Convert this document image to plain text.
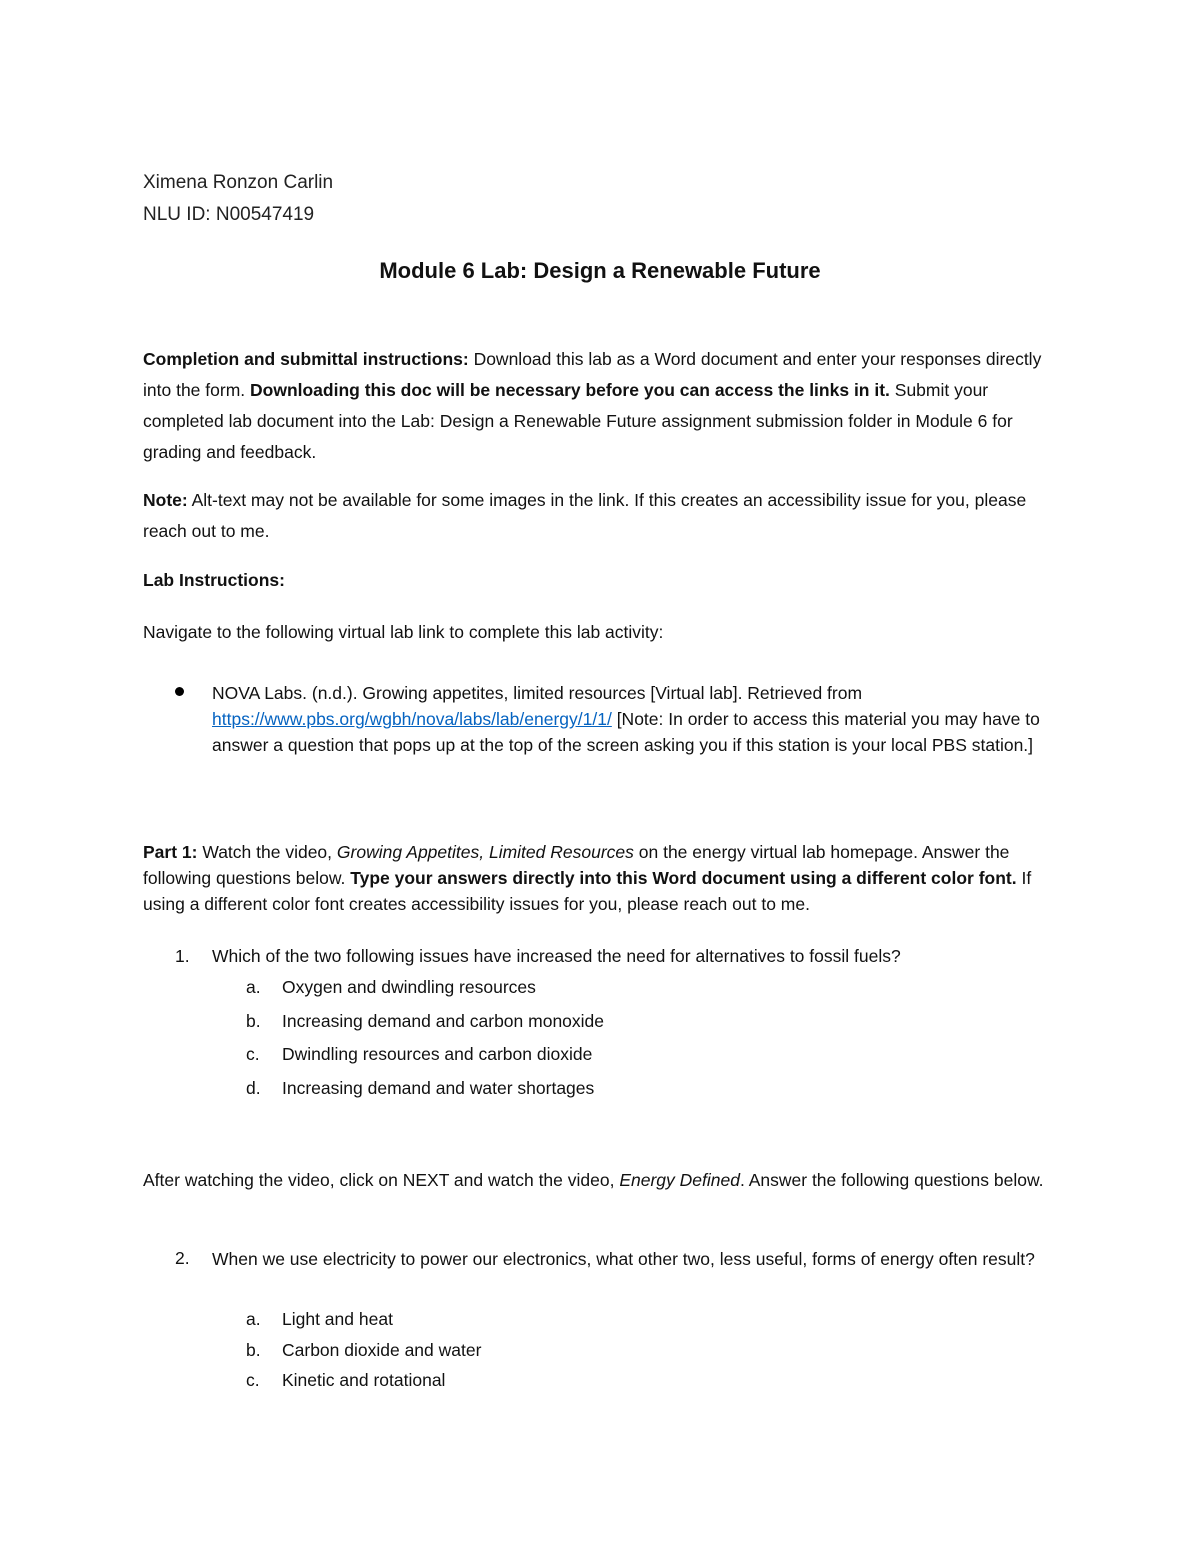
Ximena Ronzon Carlin
NLU ID: N00547419
Module 6 Lab: Design a Renewable Future
Completion and submittal instructions: Download this lab as a Word document and enter your responses directly into the form. Downloading this doc will be necessary before you can access the links in it. Submit your completed lab document into the Lab: Design a Renewable Future assignment submission folder in Module 6 for grading and feedback.
Note: Alt-text may not be available for some images in the link. If this creates an accessibility issue for you, please reach out to me.
Lab Instructions:
Navigate to the following virtual lab link to complete this lab activity:
NOVA Labs. (n.d.). Growing appetites, limited resources [Virtual lab]. Retrieved from https://www.pbs.org/wgbh/nova/labs/lab/energy/1/1/ [Note: In order to access this material you may have to answer a question that pops up at the top of the screen asking you if this station is your local PBS station.]
Part 1: Watch the video, Growing Appetites, Limited Resources on the energy virtual lab homepage. Answer the following questions below. Type your answers directly into this Word document using a different color font. If using a different color font creates accessibility issues for you, please reach out to me.
1. Which of the two following issues have increased the need for alternatives to fossil fuels?
a. Oxygen and dwindling resources
b. Increasing demand and carbon monoxide
c. Dwindling resources and carbon dioxide
d. Increasing demand and water shortages
After watching the video, click on NEXT and watch the video, Energy Defined. Answer the following questions below.
2. When we use electricity to power our electronics, what other two, less useful, forms of energy often result?
a. Light and heat
b. Carbon dioxide and water
c. Kinetic and rotational
